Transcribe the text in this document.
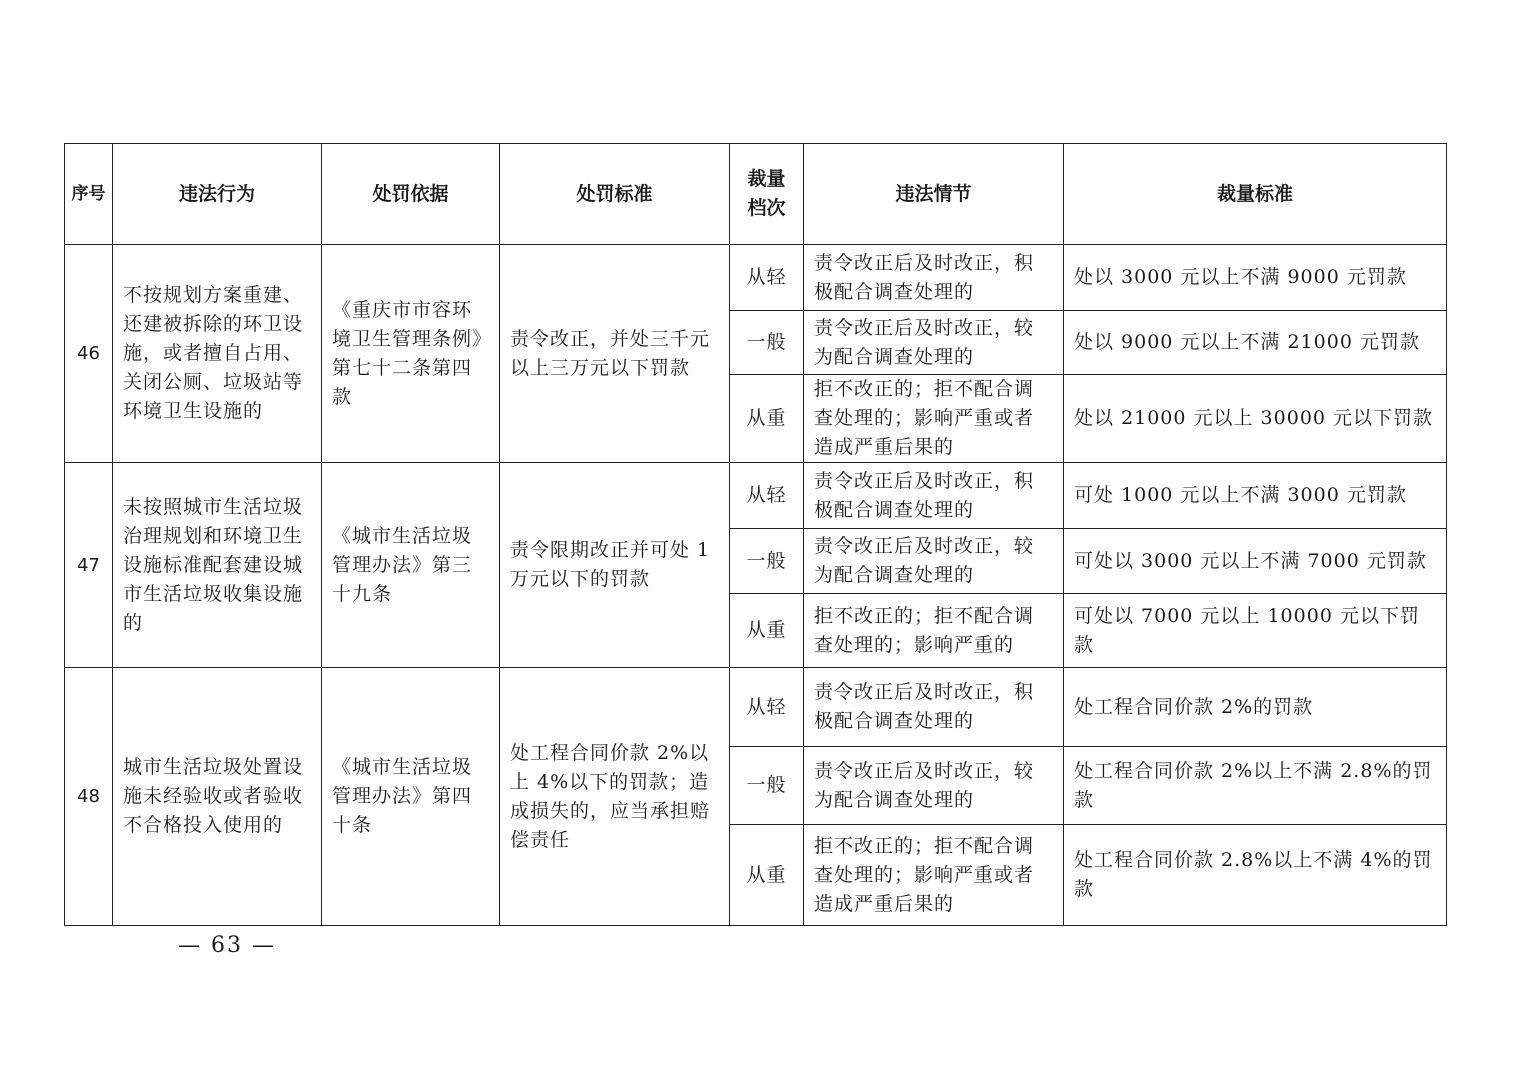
序号	违法行为	处罚依据	处罚标准	裁量档次	违法情节	裁量标准
46	不按规划方案重建、还建被拆除的环卫设施，或者擅自占用、关闭公厕、垃圾站等环境卫生设施的	《重庆市市容环境卫生管理条例》第七十二条第四款	责令改正，并处三千元以上三万元以下罚款	从轻	责令改正后及时改正，积极配合调查处理的	处以 3000 元以上不满 9000 元罚款
				一般	责令改正后及时改正，较为配合调查处理的	处以 9000 元以上不满 21000 元罚款
				从重	拒不改正的；拒不配合调查处理的；影响严重或者造成严重后果的	处以 21000 元以上 30000 元以下罚款
47	未按照城市生活垃圾治理规划和环境卫生设施标准配套建设城市生活垃圾收集设施的	《城市生活垃圾管理办法》第三十九条	责令限期改正并可处 1 万元以下的罚款	从轻	责令改正后及时改正，积极配合调查处理的	可处 1000 元以上不满 3000 元罚款
				一般	责令改正后及时改正，较为配合调查处理的	可处以 3000 元以上不满 7000 元罚款
				从重	拒不改正的；拒不配合调查处理的；影响严重的	可处以 7000 元以上 10000 元以下罚款
48	城市生活垃圾处置设施未经验收或者验收不合格投入使用的	《城市生活垃圾管理办法》第四十条	处工程合同价款 2%以上 4%以下的罚款；造成损失的，应当承担赔偿责任	从轻	责令改正后及时改正，积极配合调查处理的	处工程合同价款 2%的罚款
				一般	责令改正后及时改正，较为配合调查处理的	处工程合同价款 2%以上不满 2.8%的罚款
				从重	拒不改正的；拒不配合调查处理的；影响严重或者造成严重后果的	处工程合同价款 2.8%以上不满 4%的罚款
— 63 —
